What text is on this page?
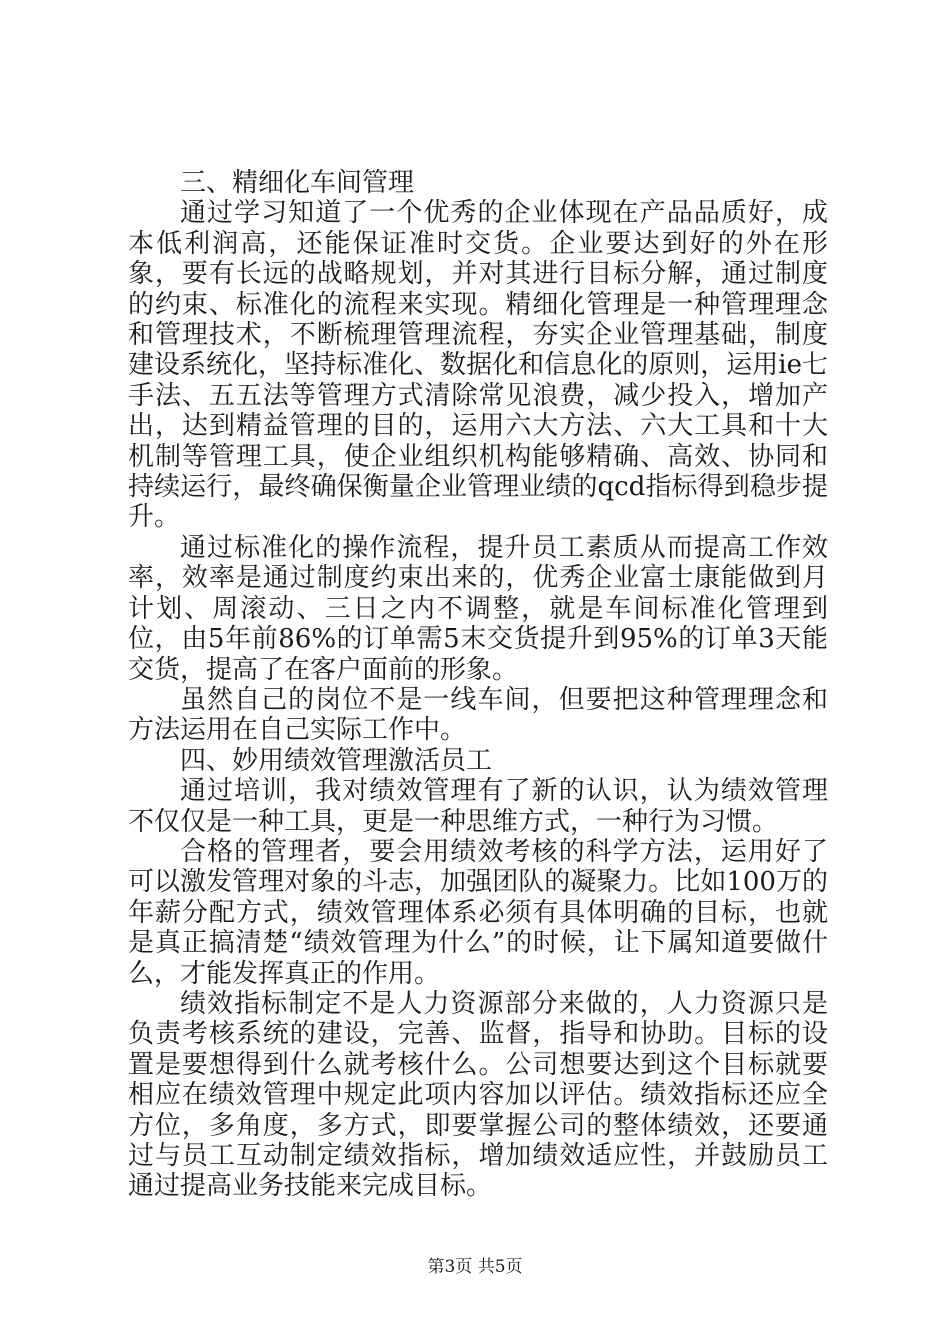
三、精细化车间管理

通过学习知道了一个优秀的企业体现在产品品质好，成本低利润高，还能保证准时交货。企业要达到好的外在形象，要有长远的战略规划，并对其进行目标分解，通过制度的约束、标准化的流程来实现。精细化管理是一种管理理念和管理技术，不断梳理管理流程，夯实企业管理基础，制度建设系统化，坚持标准化、数据化和信息化的原则，运用ie七手法、五五法等管理方式清除常见浪费，减少投入，增加产出，达到精益管理的目的，运用六大方法、六大工具和十大机制等管理工具，使企业组织机构能够精确、高效、协同和持续运行，最终确保衡量企业管理业绩的qcd指标得到稳步提升。

通过标准化的操作流程，提升员工素质从而提高工作效率，效率是通过制度约束出来的，优秀企业富士康能做到月计划、周滚动、三日之内不调整，就是车间标准化管理到位，由5年前86%的订单需5末交货提升到95%的订单3天能交货，提高了在客户面前的形象。

虽然自己的岗位不是一线车间，但要把这种管理理念和方法运用在自己实际工作中。

四、妙用绩效管理激活员工

通过培训，我对绩效管理有了新的认识，认为绩效管理不仅仅是一种工具，更是一种思维方式，一种行为习惯。

合格的管理者，要会用绩效考核的科学方法，运用好了可以激发管理对象的斗志，加强团队的凝聚力。比如100万的年薪分配方式，绩效管理体系必须有具体明确的目标，也就是真正搞清楚“绩效管理为什么”的时候，让下属知道要做什么，才能发挥真正的作用。

绩效指标制定不是人力资源部分来做的，人力资源只是负责考核系统的建设，完善、监督，指导和协助。目标的设置是要想得到什么就考核什么。公司想要达到这个目标就要相应在绩效管理中规定此项内容加以评估。绩效指标还应全方位，多角度，多方式，即要掌握公司的整体绩效，还要通过与员工互动制定绩效指标，增加绩效适应性，并鼓励员工通过提高业务技能来完成目标。

第3页 共5页
